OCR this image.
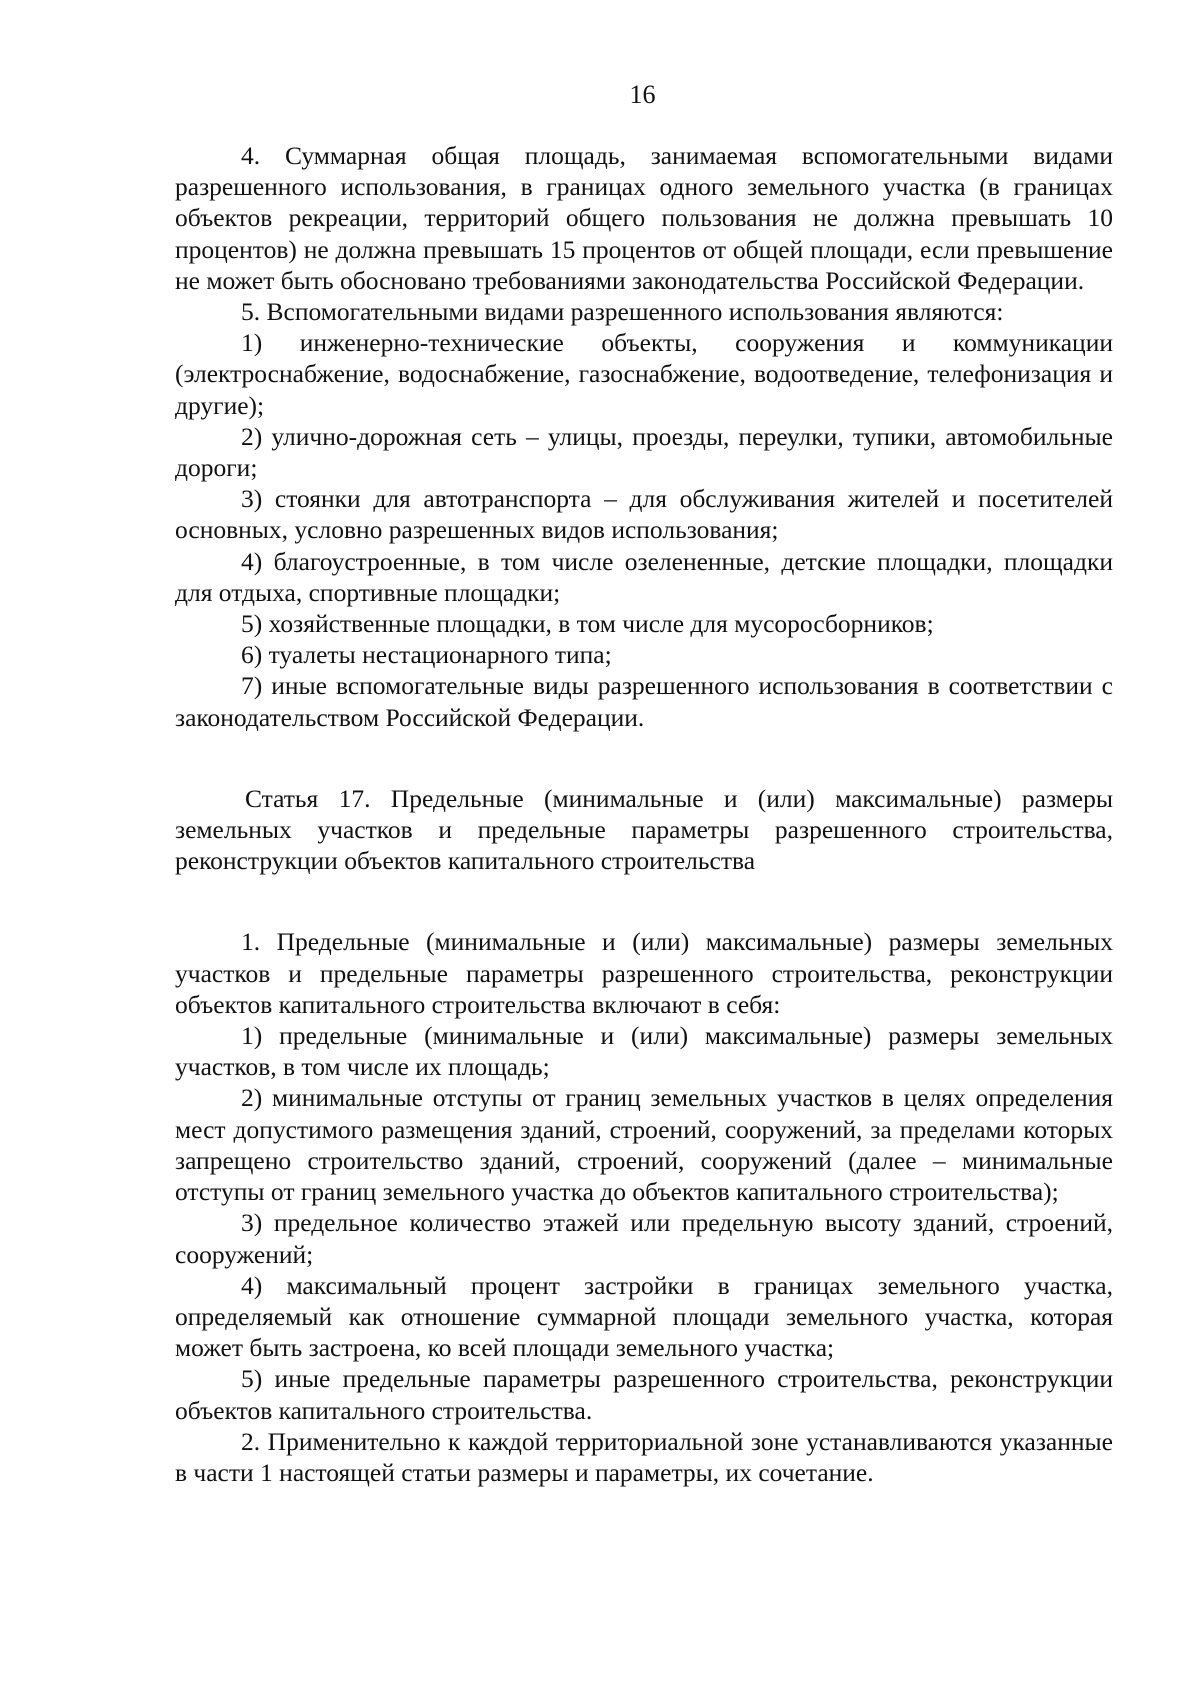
16

4. Суммарная общая площадь, занимаемая вспомогательными видами разрешенного использования, в границах одного земельного участка (в границах объектов рекреации, территорий общего пользования не должна превышать 10 процентов) не должна превышать 15 процентов от общей площади, если превышение не может быть обосновано требованиями законодательства Российской Федерации.

5. Вспомогательными видами разрешенного использования являются:

1) инженерно-технические объекты, сооружения и коммуникации (электроснабжение, водоснабжение, газоснабжение, водоотведение, телефонизация и другие);

2) улично-дорожная сеть – улицы, проезды, переулки, тупики, автомобильные дороги;

3) стоянки для автотранспорта – для обслуживания жителей и посетителей основных, условно разрешенных видов использования;

4) благоустроенные, в том числе озелененные, детские площадки, площадки для отдыха, спортивные площадки;

5) хозяйственные площадки, в том числе для мусоросборников;

6) туалеты нестационарного типа;

7) иные вспомогательные виды разрешенного использования в соответствии с законодательством Российской Федерации.

Статья 17. Предельные (минимальные и (или) максимальные) размеры земельных участков и предельные параметры разрешенного строительства, реконструкции объектов капитального строительства

1. Предельные (минимальные и (или) максимальные) размеры земельных участков и предельные параметры разрешенного строительства, реконструкции объектов капитального строительства включают в себя:

1) предельные (минимальные и (или) максимальные) размеры земельных участков, в том числе их площадь;

2) минимальные отступы от границ земельных участков в целях определения мест допустимого размещения зданий, строений, сооружений, за пределами которых запрещено строительство зданий, строений, сооружений (далее – минимальные отступы от границ земельного участка до объектов капитального строительства);

3) предельное количество этажей или предельную высоту зданий, строений, сооружений;

4) максимальный процент застройки в границах земельного участка, определяемый как отношение суммарной площади земельного участка, которая может быть застроена, ко всей площади земельного участка;

5) иные предельные параметры разрешенного строительства, реконструкции объектов капитального строительства.

2. Применительно к каждой территориальной зоне устанавливаются указанные в части 1 настоящей статьи размеры и параметры, их сочетание.
